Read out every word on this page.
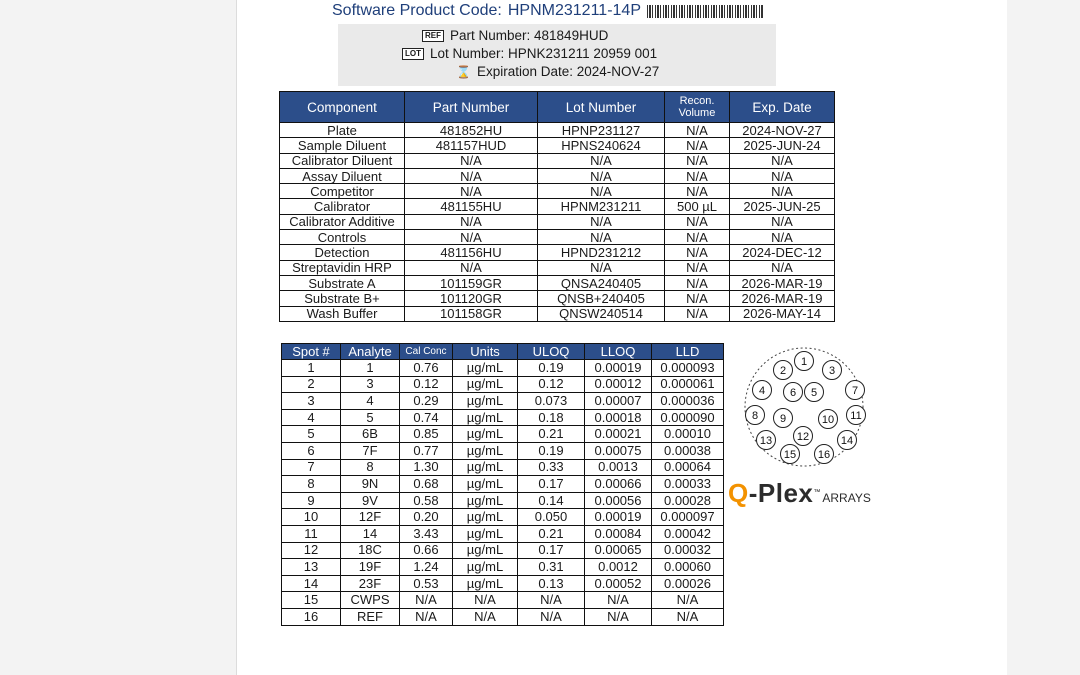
Software Product Code: HPNM231211-14P
REF Part Number: 481849HUD
LOT Lot Number: HPNK231211 20959 001
⌛ Expiration Date: 2024-NOV-27
Component	Part Number	Lot Number	Recon. Volume	Exp. Date
Plate	481852HU	HPNP231127	N/A	2024-NOV-27
Sample Diluent	481157HUD	HPNS240624	N/A	2025-JUN-24
Calibrator Diluent	N/A	N/A	N/A	N/A
Assay Diluent	N/A	N/A	N/A	N/A
Competitor	N/A	N/A	N/A	N/A
Calibrator	481155HU	HPNM231211	500 µL	2025-JUN-25
Calibrator Additive	N/A	N/A	N/A	N/A
Controls	N/A	N/A	N/A	N/A
Detection	481156HU	HPND231212	N/A	2024-DEC-12
Streptavidin HRP	N/A	N/A	N/A	N/A
Substrate A	101159GR	QNSA240405	N/A	2026-MAR-19
Substrate B+	101120GR	QNSB+240405	N/A	2026-MAR-19
Wash Buffer	101158GR	QNSW240514	N/A	2026-MAY-14
Spot #	Analyte	Cal Conc	Units	ULOQ	LLOQ	LLD
1	1	0.76	µg/mL	0.19	0.00019	0.000093
2	3	0.12	µg/mL	0.12	0.00012	0.000061
3	4	0.29	µg/mL	0.073	0.00007	0.000036
4	5	0.74	µg/mL	0.18	0.00018	0.000090
5	6B	0.85	µg/mL	0.21	0.00021	0.00010
6	7F	0.77	µg/mL	0.19	0.00075	0.00038
7	8	1.30	µg/mL	0.33	0.0013	0.00064
8	9N	0.68	µg/mL	0.17	0.00066	0.00033
9	9V	0.58	µg/mL	0.14	0.00056	0.00028
10	12F	0.20	µg/mL	0.050	0.00019	0.000097
11	14	3.43	µg/mL	0.21	0.00084	0.00042
12	18C	0.66	µg/mL	0.17	0.00065	0.00032
13	19F	1.24	µg/mL	0.31	0.0012	0.00060
14	23F	0.53	µg/mL	0.13	0.00052	0.00026
15	CWPS	N/A	N/A	N/A	N/A	N/A
16	REF	N/A	N/A	N/A	N/A	N/A
1
2	3
4	5
6	7
8 9	10 11
12
13	14
15 16
Q-Plex ™ ARRAYS
